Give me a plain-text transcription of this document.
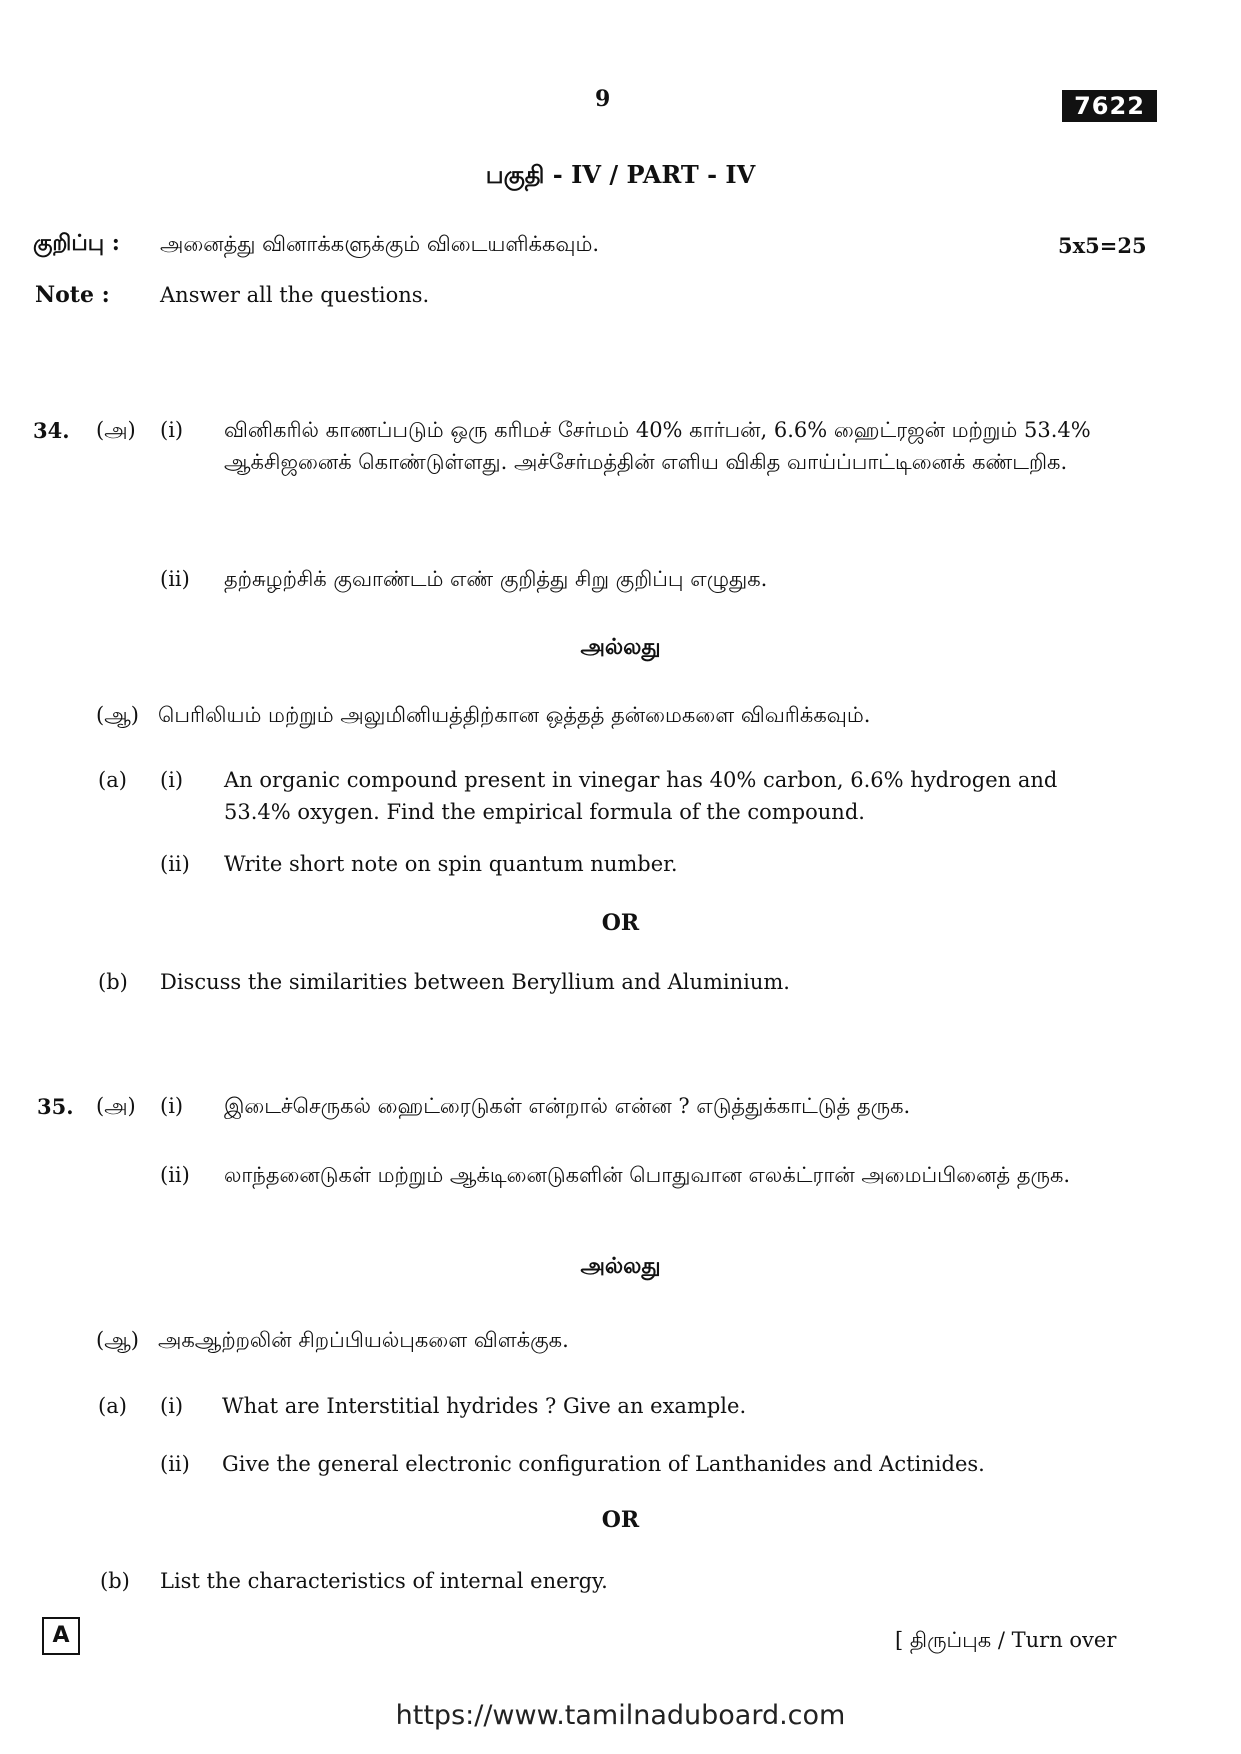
9	7622
பகுதி - IV / PART - IV
குறிப்பு : அனைத்து வினாக்களுக்கும் விடையளிக்கவும்.	5x5=25
Note : Answer all the questions.
34. (அ) (i) வினிகரில் காணப்படும் ஒரு கரிமச் சேர்மம் 40% கார்பன், 6.6% ஹைட்ரஜன் மற்றும் 53.4% ஆக்சிஜனைக் கொண்டுள்ளது. அச்சேர்மத்தின் எளிய விகித வாய்ப்பாட்டினைக் கண்டறிக.
(ii) தற்சுழற்சிக் குவாண்டம் எண் குறித்து சிறு குறிப்பு எழுதுக.
அல்லது
(ஆ) பெரிலியம் மற்றும் அலுமினியத்திற்கான ஒத்தத் தன்மைகளை விவரிக்கவும்.
(a) (i) An organic compound present in vinegar has 40% carbon, 6.6% hydrogen and 53.4% oxygen. Find the empirical formula of the compound.
(ii) Write short note on spin quantum number.
OR
(b) Discuss the similarities between Beryllium and Aluminium.
35. (அ) (i) இடைச்செருகல் ஹைட்ரைடுகள் என்றால் என்ன ? எடுத்துக்காட்டுத் தருக.
(ii) லாந்தனைடுகள் மற்றும் ஆக்டினைடுகளின் பொதுவான எலக்ட்ரான் அமைப்பினைத் தருக.
அல்லது
(ஆ) அகஆற்றலின் சிறப்பியல்புகளை விளக்குக.
(a) (i) What are Interstitial hydrides ? Give an example.
(ii) Give the general electronic configuration of Lanthanides and Actinides.
OR
(b) List the characteristics of internal energy.
A	[ திருப்புக / Turn over
https://www.tamilnaduboard.com
